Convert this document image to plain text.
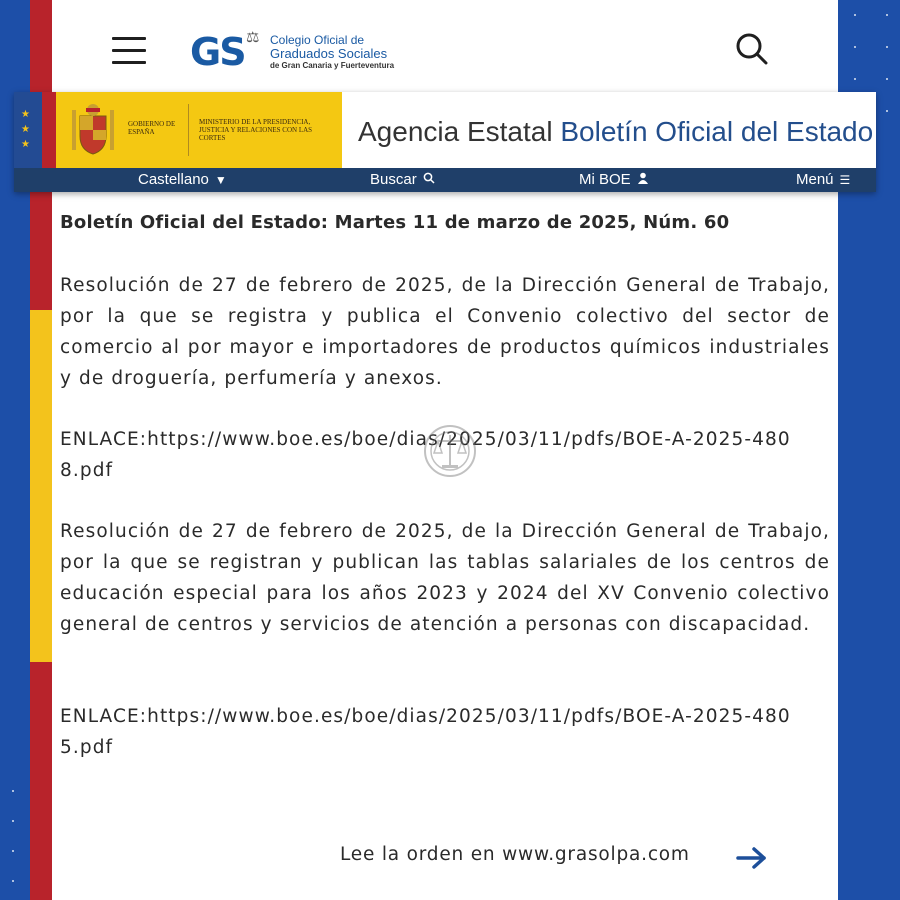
GS ⚖ Colegio Oficial de
Graduados Sociales
de Gran Canaria y Fuerteventura
★
★
★
GOBIERNO DE ESPAÑA
MINISTERIO DE LA PRESIDENCIA, JUSTICIA Y RELACIONES CON LAS CORTES	Agencia Estatal Boletín Oficial del Estado
Castellano ▼	Buscar	Mi BOE	Menú ☰

Boletín Oficial del Estado: Martes 11 de marzo de 2025, Núm. 60

Resolución de 27 de febrero de 2025, de la Dirección General de Trabajo, por la que se registra y publica el Convenio colectivo del sector de comercio al por mayor e importadores de productos químicos industriales y de droguería, perfumería y anexos.

ENLACE:https://www.boe.es/boe/dias/2025/03/11/pdfs/BOE-A-2025-4808.pdf

Resolución de 27 de febrero de 2025, de la Dirección General de Trabajo, por la que se registran y publican las tablas salariales de los centros de educación especial para los años 2023 y 2024 del XV Convenio colectivo general de centros y servicios de atención a personas con discapacidad.

ENLACE:https://www.boe.es/boe/dias/2025/03/11/pdfs/BOE-A-2025-4805.pdf
Lee la orden en www.grasolpa.com
